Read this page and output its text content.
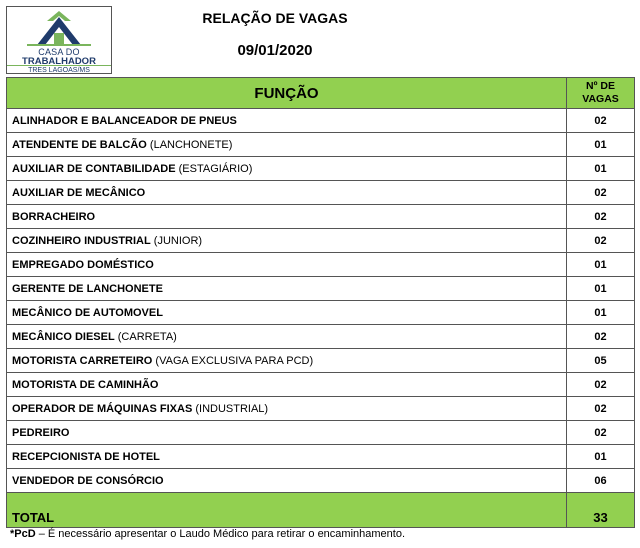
CASA DO
TRABALHADOR
TRES LAGOAS/MS
RELAÇÃO DE VAGAS
09/01/2020
FUNÇÃO	Nº DE VAGAS
ALINHADOR E BALANCEADOR DE PNEUS	02
ATENDENTE DE BALCÃO (LANCHONETE)	01
AUXILIAR DE CONTABILIDADE (ESTAGIÁRIO)	01
AUXILIAR DE MECÂNICO	02
BORRACHEIRO	02
COZINHEIRO INDUSTRIAL (JUNIOR)	02
EMPREGADO DOMÉSTICO	01
GERENTE DE LANCHONETE	01
MECÂNICO DE AUTOMOVEL	01
MECÂNICO DIESEL (CARRETA)	02
MOTORISTA CARRETEIRO (VAGA EXCLUSIVA PARA PCD)	05
MOTORISTA DE CAMINHÃO	02
OPERADOR DE MÁQUINAS FIXAS (INDUSTRIAL)	02
PEDREIRO	02
RECEPCIONISTA DE HOTEL	01
VENDEDOR DE CONSÓRCIO	06
TOTAL	33
*PcD – É necessário apresentar o Laudo Médico para retirar o encaminhamento.
